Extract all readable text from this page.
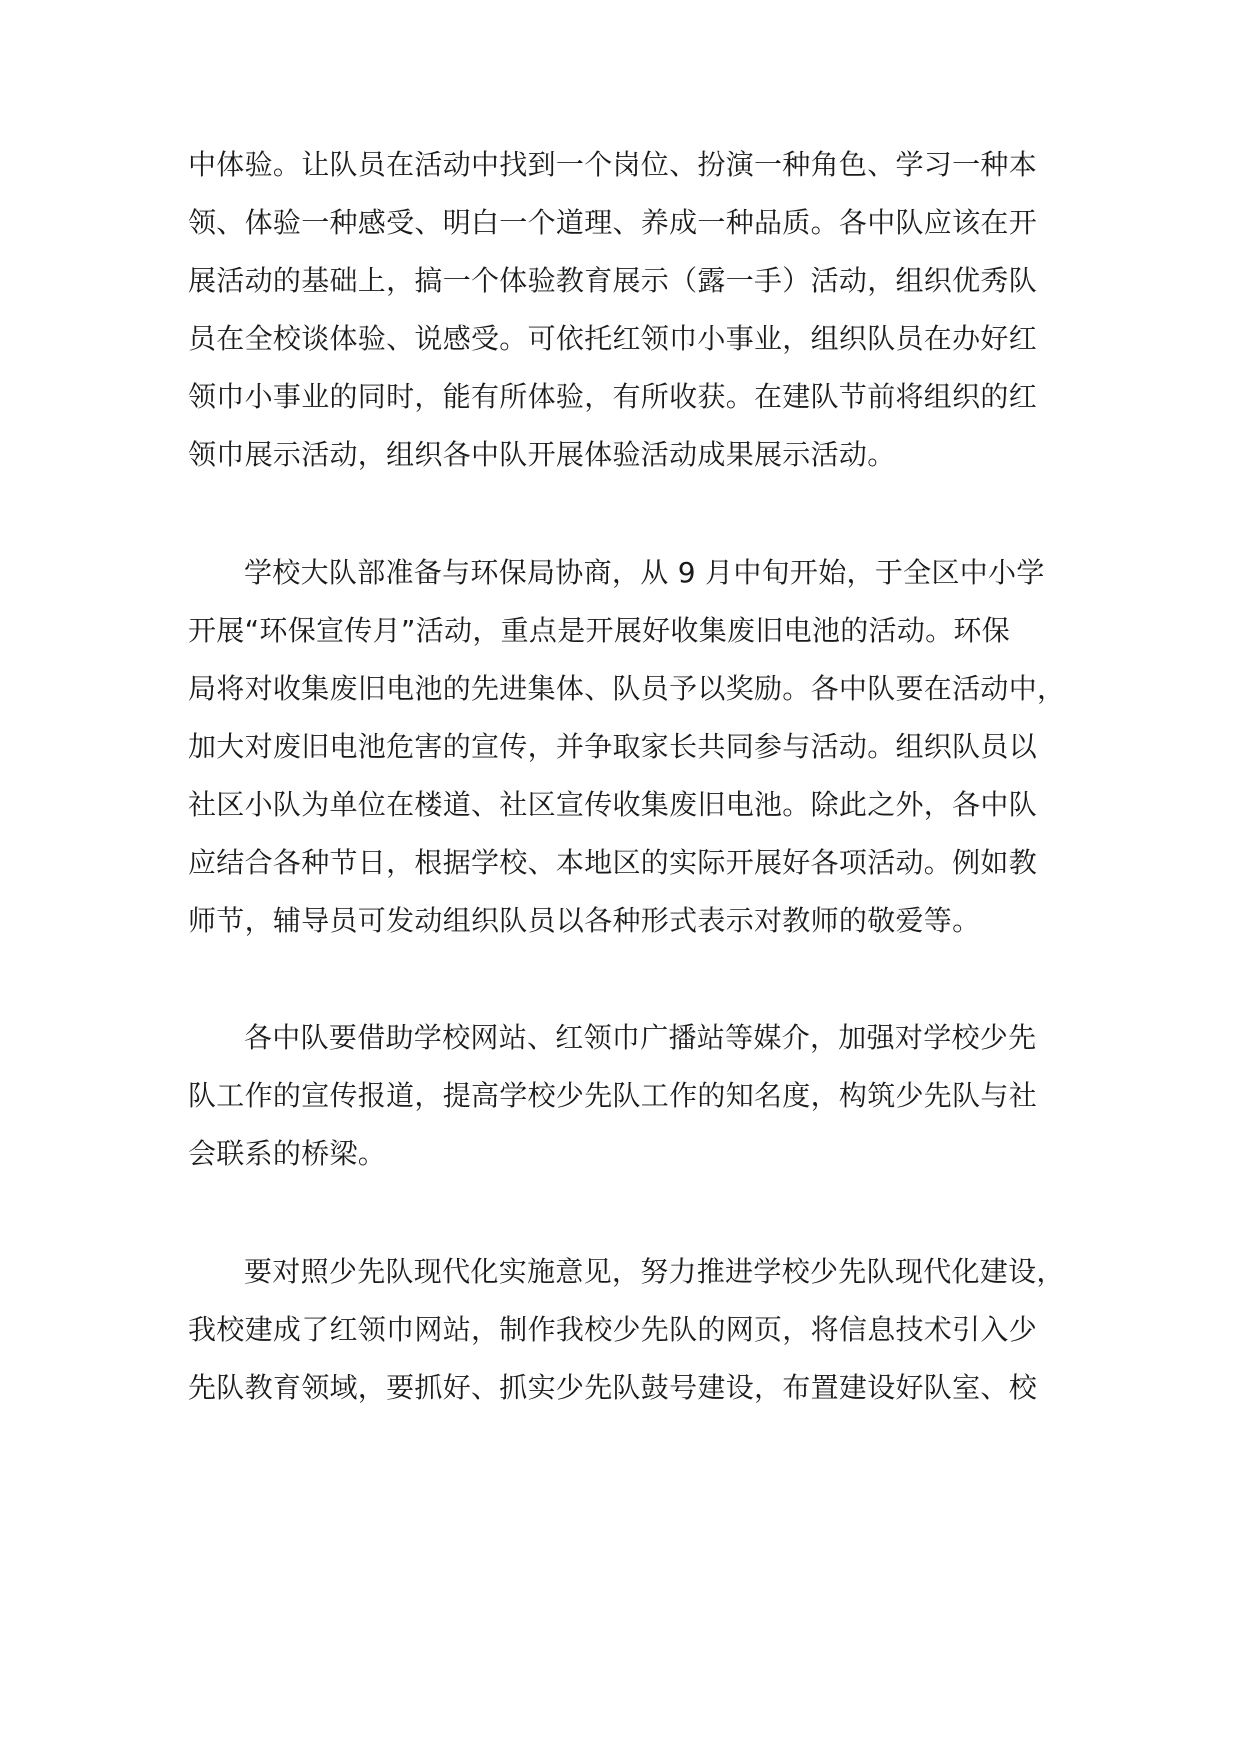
中体验。让队员在活动中找到一个岗位、扮演一种角色、学习一种本
领、体验一种感受、明白一个道理、养成一种品质。各中队应该在开
展活动的基础上，搞一个体验教育展示（露一手）活动，组织优秀队
员在全校谈体验、说感受。可依托红领巾小事业，组织队员在办好红
领巾小事业的同时，能有所体验，有所收获。在建队节前将组织的红
领巾展示活动，组织各中队开展体验活动成果展示活动。
学校大队部准备与环保局协商，从 9 月中旬开始，于全区中小学
开展“环保宣传月”活动，重点是开展好收集废旧电池的活动。环保
局将对收集废旧电池的先进集体、队员予以奖励。各中队要在活动中，
加大对废旧电池危害的宣传，并争取家长共同参与活动。组织队员以
社区小队为单位在楼道、社区宣传收集废旧电池。除此之外，各中队
应结合各种节日，根据学校、本地区的实际开展好各项活动。例如教
师节，辅导员可发动组织队员以各种形式表示对教师的敬爱等。
各中队要借助学校网站、红领巾广播站等媒介，加强对学校少先
队工作的宣传报道，提高学校少先队工作的知名度，构筑少先队与社
会联系的桥梁。
要对照少先队现代化实施意见，努力推进学校少先队现代化建设，
我校建成了红领巾网站，制作我校少先队的网页，将信息技术引入少
先队教育领域，要抓好、抓实少先队鼓号建设，布置建设好队室、校
